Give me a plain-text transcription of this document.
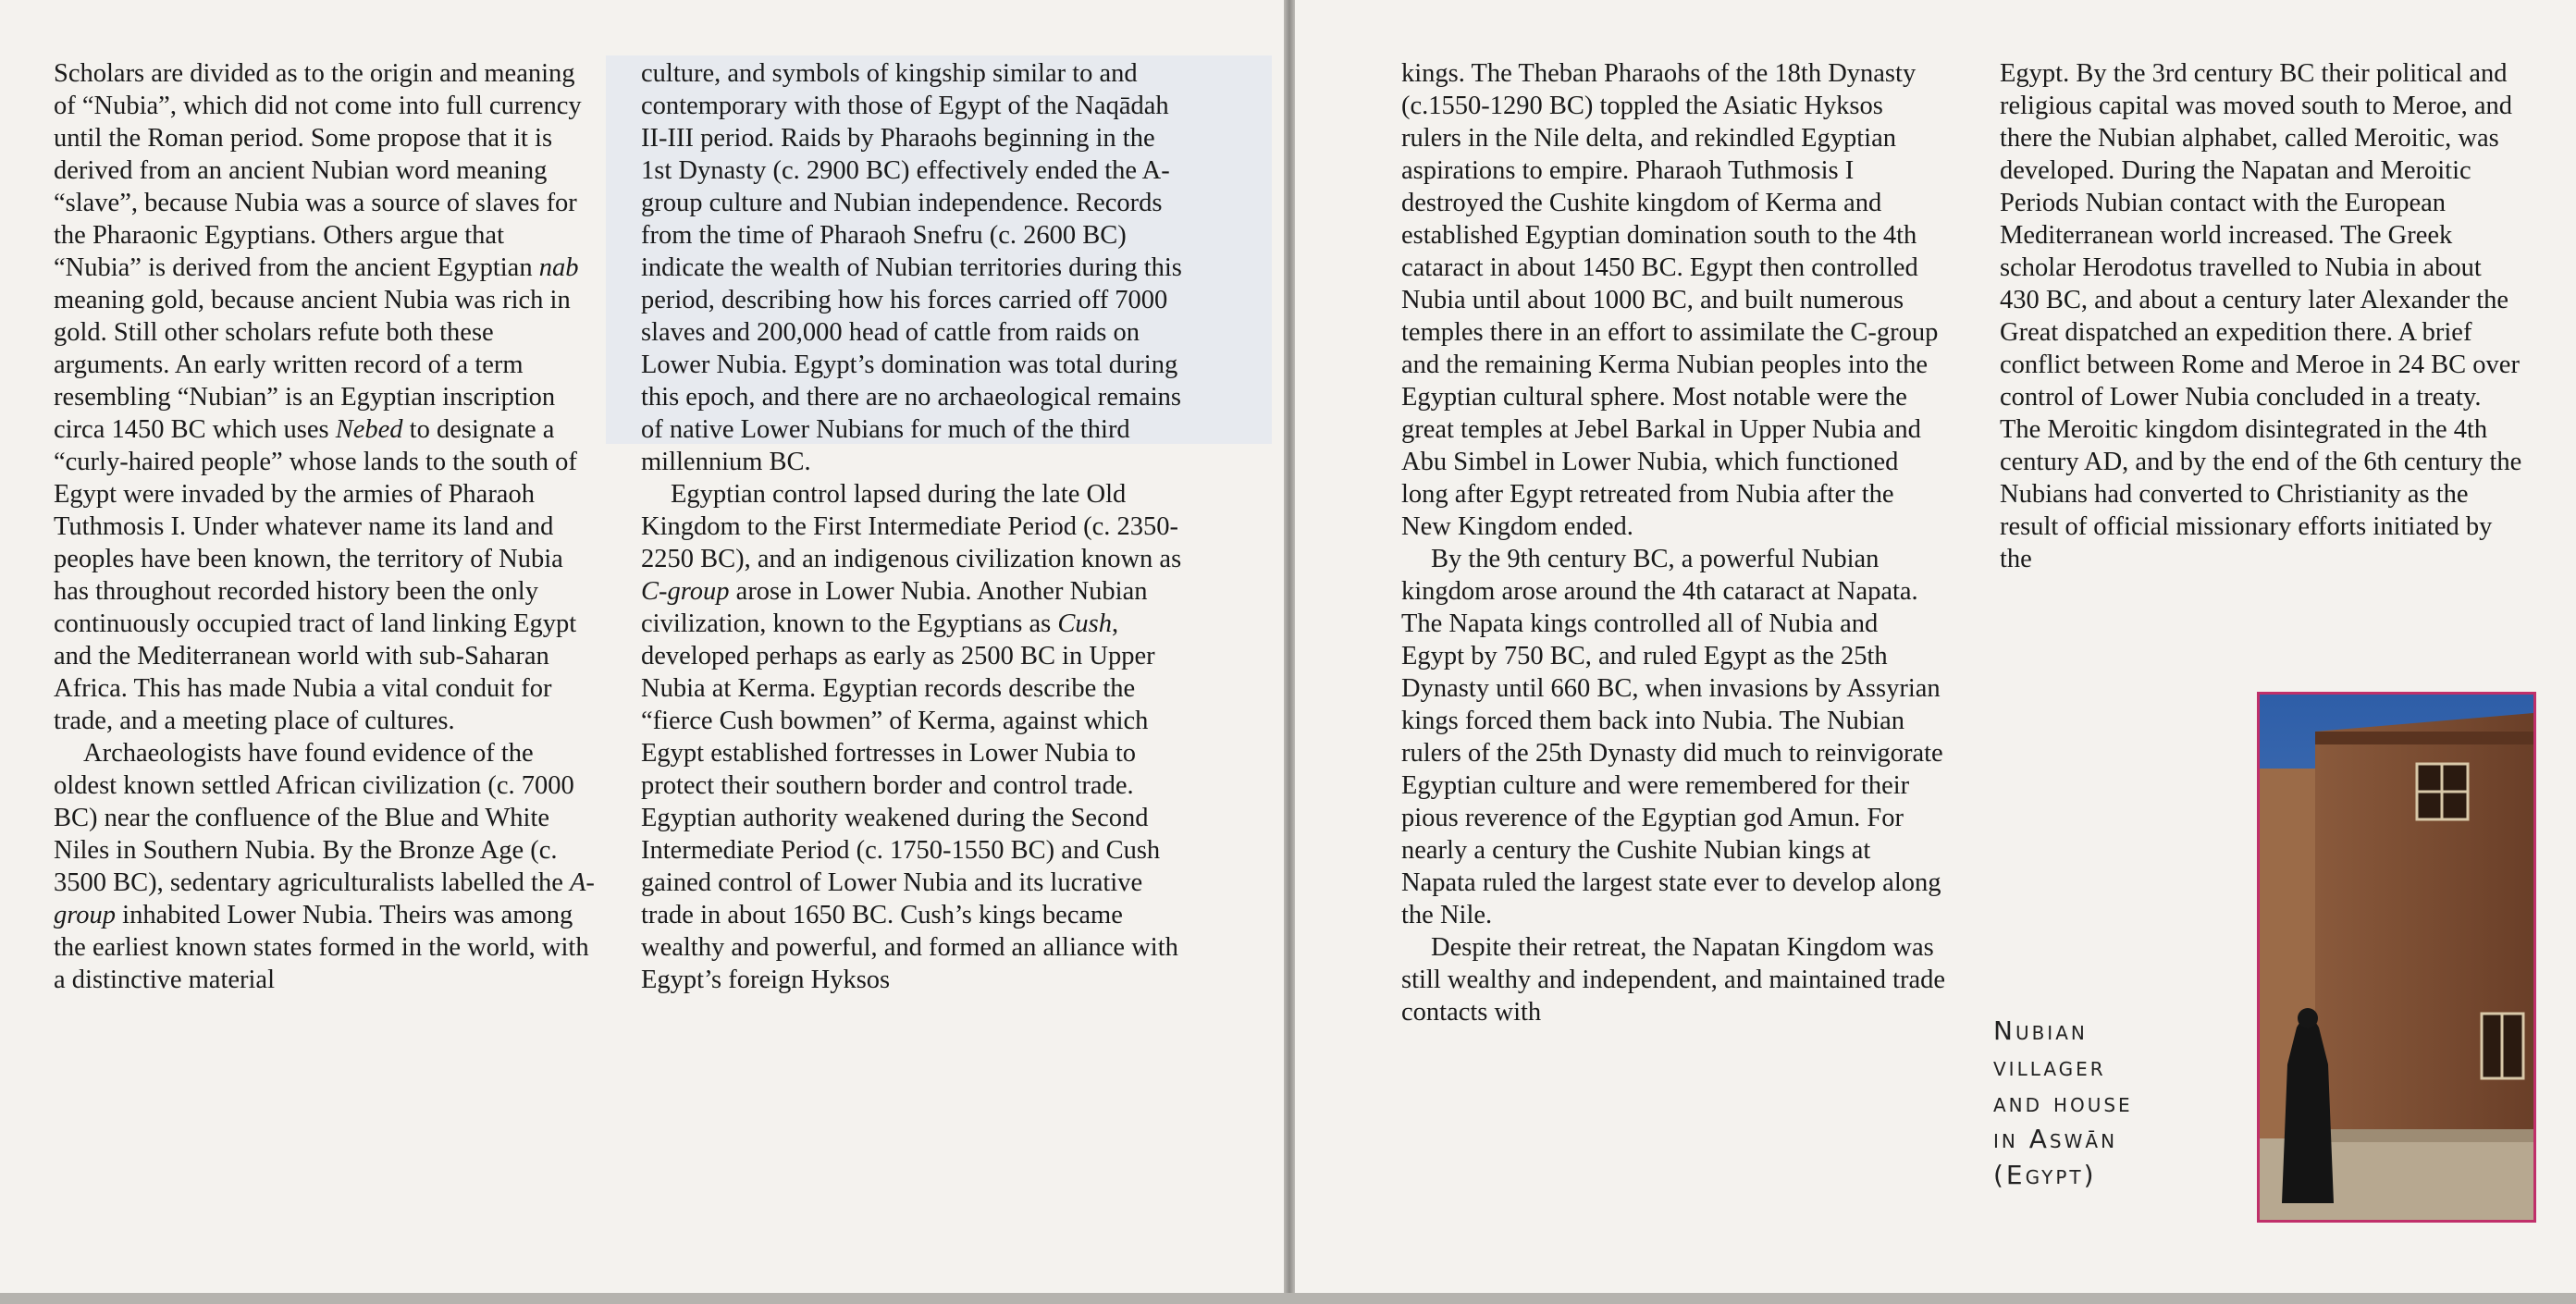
Scholars are divided as to the origin and meaning of “Nubia”, which did not come into full currency until the Roman period. Some propose that it is derived from an ancient Nubian word meaning “slave”, because Nubia was a source of slaves for the Pharaonic Egyptians. Others argue that “Nubia” is derived from the ancient Egyptian nab meaning gold, because ancient Nubia was rich in gold. Still other scholars refute both these arguments. An early written record of a term resembling “Nubian” is an Egyptian inscription circa 1450 BC which uses Nebed to designate a “curly-haired people” whose lands to the south of Egypt were invaded by the armies of Pharaoh Tuthmosis I. Under whatever name its land and peoples have been known, the territory of Nubia has throughout recorded history been the only continuously occupied tract of land linking Egypt and the Mediterranean world with sub-Saharan Africa. This has made Nubia a vital conduit for trade, and a meeting place of cultures.

Archaeologists have found evidence of the oldest known settled African civilization (c. 7000 BC) near the confluence of the Blue and White Niles in Southern Nubia. By the Bronze Age (c. 3500 BC), sedentary agriculturalists labelled the A-group inhabited Lower Nubia. Theirs was among the earliest known states formed in the world, with a distinctive material

culture, and symbols of kingship similar to and contemporary with those of Egypt of the Naqādah II-III period. Raids by Pharaohs beginning in the 1st Dynasty (c. 2900 BC) effectively ended the A-group culture and Nubian independence. Records from the time of Pharaoh Snefru (c. 2600 BC) indicate the wealth of Nubian territories during this period, describing how his forces carried off 7000 slaves and 200,000 head of cattle from raids on Lower Nubia. Egypt’s domination was total during this epoch, and there are no archaeological remains of native Lower Nubians for much of the third millennium BC.

Egyptian control lapsed during the late Old Kingdom to the First Intermediate Period (c. 2350-2250 BC), and an indigenous civilization known as C-group arose in Lower Nubia. Another Nubian civilization, known to the Egyptians as Cush, developed perhaps as early as 2500 BC in Upper Nubia at Kerma. Egyptian records describe the “fierce Cush bowmen” of Kerma, against which Egypt established fortresses in Lower Nubia to protect their southern border and control trade. Egyptian authority weakened during the Second Intermediate Period (c. 1750-1550 BC) and Cush gained control of Lower Nubia and its lucrative trade in about 1650 BC. Cush’s kings became wealthy and powerful, and formed an alliance with Egypt’s foreign Hyksos

kings. The Theban Pharaohs of the 18th Dynasty (c.1550-1290 BC) toppled the Asiatic Hyksos rulers in the Nile delta, and rekindled Egyptian aspirations to empire. Pharaoh Tuthmosis I destroyed the Cushite kingdom of Kerma and established Egyptian domination south to the 4th cataract in about 1450 BC. Egypt then controlled Nubia until about 1000 BC, and built numerous temples there in an effort to assimilate the C-group and the remaining Kerma Nubian peoples into the Egyptian cultural sphere. Most notable were the great temples at Jebel Barkal in Upper Nubia and Abu Simbel in Lower Nubia, which functioned long after Egypt retreated from Nubia after the New Kingdom ended.

By the 9th century BC, a powerful Nubian kingdom arose around the 4th cataract at Napata. The Napata kings controlled all of Nubia and Egypt by 750 BC, and ruled Egypt as the 25th Dynasty until 660 BC, when invasions by Assyrian kings forced them back into Nubia. The Nubian rulers of the 25th Dynasty did much to reinvigorate Egyptian culture and were remembered for their pious reverence of the Egyptian god Amun. For nearly a century the Cushite Nubian kings at Napata ruled the largest state ever to develop along the Nile.

Despite their retreat, the Napatan Kingdom was still wealthy and independent, and maintained trade contacts with

Egypt. By the 3rd century BC their political and religious capital was moved south to Meroe, and there the Nubian alphabet, called Meroitic, was developed. During the Napatan and Meroitic Periods Nubian contact with the European Mediterranean world increased. The Greek scholar Herodotus travelled to Nubia in about 430 BC, and about a century later Alexander the Great dispatched an expedition there. A brief conflict between Rome and Meroe in 24 BC over control of Lower Nubia concluded in a treaty. The Meroitic kingdom disintegrated in the 4th century AD, and by the end of the 6th century the Nubians had converted to Christianity as the result of official missionary efforts initiated by the

Nubian
villager
and house
in Aswān
(Egypt)
